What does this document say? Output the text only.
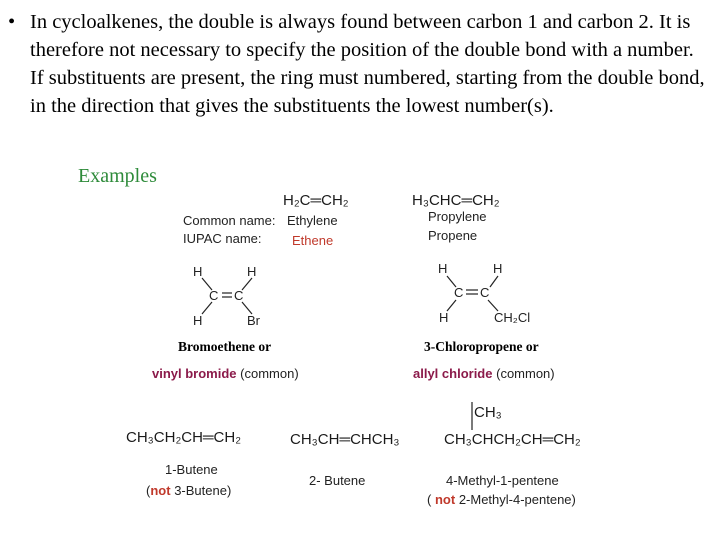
• In cycloalkenes, the double is always found between carbon 1 and carbon 2. It is therefore not necessary to specify the position of the double bond with a number. If substituents are present, the ring must numbered, starting from the double bond, in the direction that gives the substituents the lowest number(s).
Examples
H₂C═CH₂
Common name: Ethylene
IUPAC name: Ethene
H₃CHC═CH₂
Propylene
Propene
H	H
C C
H	Br
Bromoethene or
vinyl bromide (common)
H	H
C C
H	CH₂Cl
3-Chloropropene or
allyl chloride (common)
CH₃CH₂CH═CH₂
1-Butene
(not 3-Butene)
CH₃CH═CHCH₃
2- Butene
CH₃
CH₃CHCH₂CH═CH₂
4-Methyl-1-pentene
( not 2-Methyl-4-pentene)
